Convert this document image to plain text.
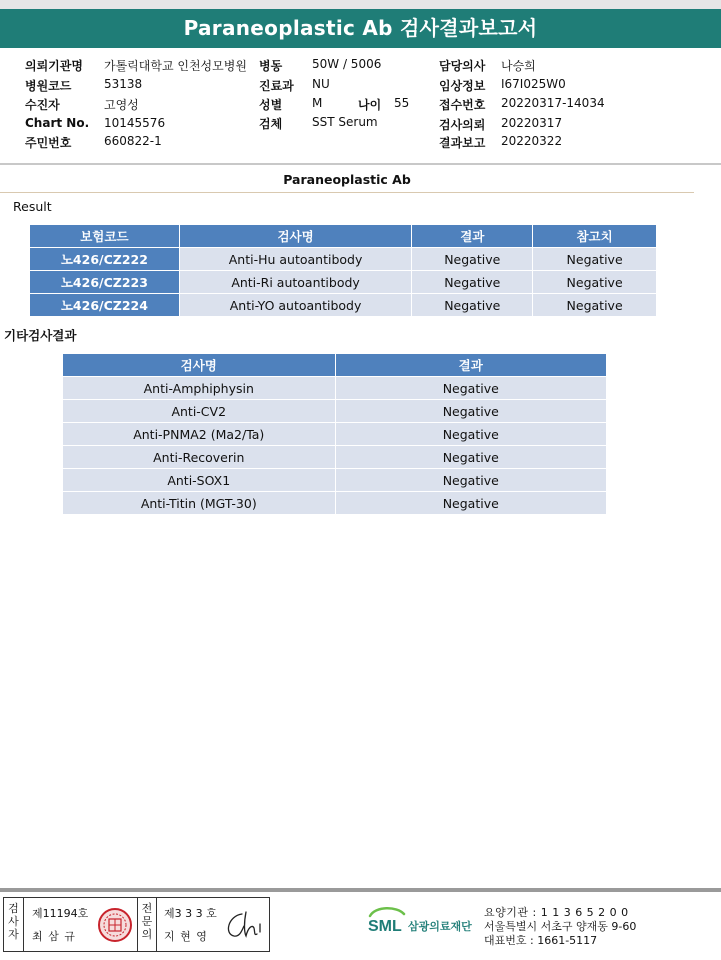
Paraneoplastic Ab 검사결과보고서
의뢰기관명 가톨릭대학교 인천성모병원
병원코드	53138
수진자	고영성
Chart No. 10145576
주민번호	660822-1
병동 50W / 5006
진료과 NU
성별 M	나이 55
검체 SST Serum
담당의사 나승희
임상정보 I67I025W0
접수번호 20220317-14034
검사의뢰 20220317
결과보고 20220322
Paraneoplastic Ab
Result
보험코드	검사명	결과	참고치
노426/CZ222	Anti-Hu autoantibody	Negative	Negative
노426/CZ223	Anti-Ri autoantibody	Negative	Negative
노426/CZ224	Anti-YO autoantibody	Negative	Negative
기타검사결과
검사명	결과
Anti-Amphiphysin	Negative
Anti-CV2	Negative
Anti-PNMA2 (Ma2/Ta)	Negative
Anti-Recoverin	Negative
Anti-SOX1	Negative
Anti-Titin (MGT-30)	Negative
검사자
제11194호
최 삼 규
전문의
제3 3 3 호
지 현 영
SML 삼광의료재단
요양기관 : 1 1 3 6 5 2 0 0
서울특별시 서초구 양재동 9-60
대표번호 : 1661-5117
